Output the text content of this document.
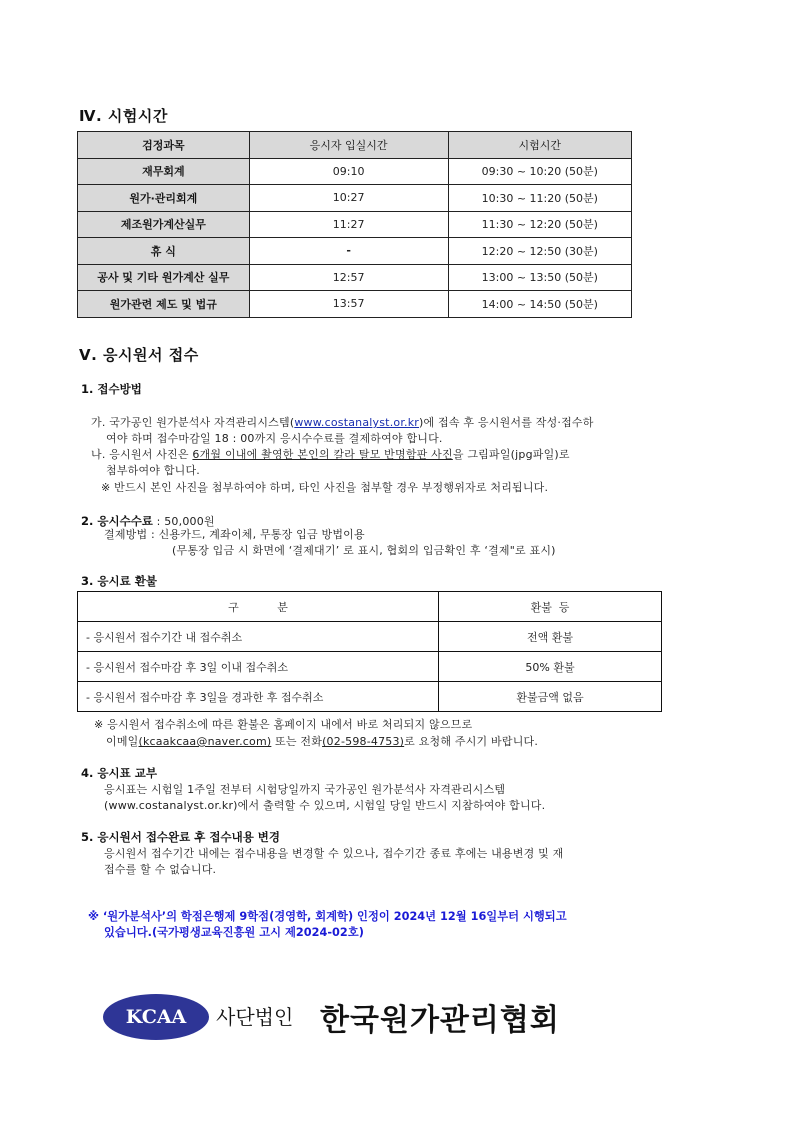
Ⅳ. 시험시간
검정과목	응시자 입실시간	시험시간
재무회계	09:10	09:30 ~ 10:20 (50분)
원가·관리회계	10:27	10:30 ~ 11:20 (50분)
제조원가계산실무	11:27	11:30 ~ 12:20 (50분)
휴 식	-	12:20 ~ 12:50 (30분)
공사 및 기타 원가계산 실무	12:57	13:00 ~ 13:50 (50분)
원가관련 제도 및 법규	13:57	14:00 ~ 14:50 (50분)
Ⅴ. 응시원서 접수
1. 접수방법
가. 국가공인 원가분석사 자격관리시스템(www.costanalyst.or.kr)에 접속 후 응시원서를 작성·접수하
여야 하며 접수마감일 18 : 00까지 응시수수료를 결제하여야 합니다.
나. 응시원서 사진은 6개월 이내에 촬영한 본인의 칼라 탈모 반명함판 사진을 그림파일(jpg파일)로
첨부하여야 합니다.
※ 반드시 본인 사진을 첨부하여야 하며, 타인 사진을 첨부할 경우 부정행위자로 처리됩니다.
2. 응시수수료 : 50,000원
결제방법 : 신용카드, 계좌이체, 무통장 입금 방법이용
(무통장 입금 시 화면에 ‘결제대기’ 로 표시, 협회의 입금확인 후 ‘결제"로 표시)
3. 응시료 환불
구           분	환불  등
- 응시원서 접수기간 내 접수취소	전액 환불
- 응시원서 접수마감 후 3일 이내 접수취소	50% 환불
- 응시원서 접수마감 후 3일을 경과한 후 접수취소	환불금액 없음
※ 응시원서 접수취소에 따른 환불은 홈페이지 내에서 바로 처리되지 않으므로
이메일(kcaakcaa@naver.com) 또는 전화(02-598-4753)로 요청해 주시기 바랍니다.
4. 응시표 교부
응시표는 시험일 1주일 전부터 시험당일까지 국가공인 원가분석사 자격관리시스템
(www.costanalyst.or.kr)에서 출력할 수 있으며, 시험일 당일 반드시 지참하여야 합니다.
5. 응시원서 접수완료 후 접수내용 변경
응시원서 접수기간 내에는 접수내용을 변경할 수 있으나, 접수기간 종료 후에는 내용변경 및 재
접수를 할 수 없습니다.
※ ‘원가분석사’의 학점은행제 9학점(경영학, 회계학) 인정이 2024년 12월 16일부터 시행되고
있습니다.(국가평생교육진흥원 고시 제2024-02호)
KCAA 사단법인 한국원가관리협회
